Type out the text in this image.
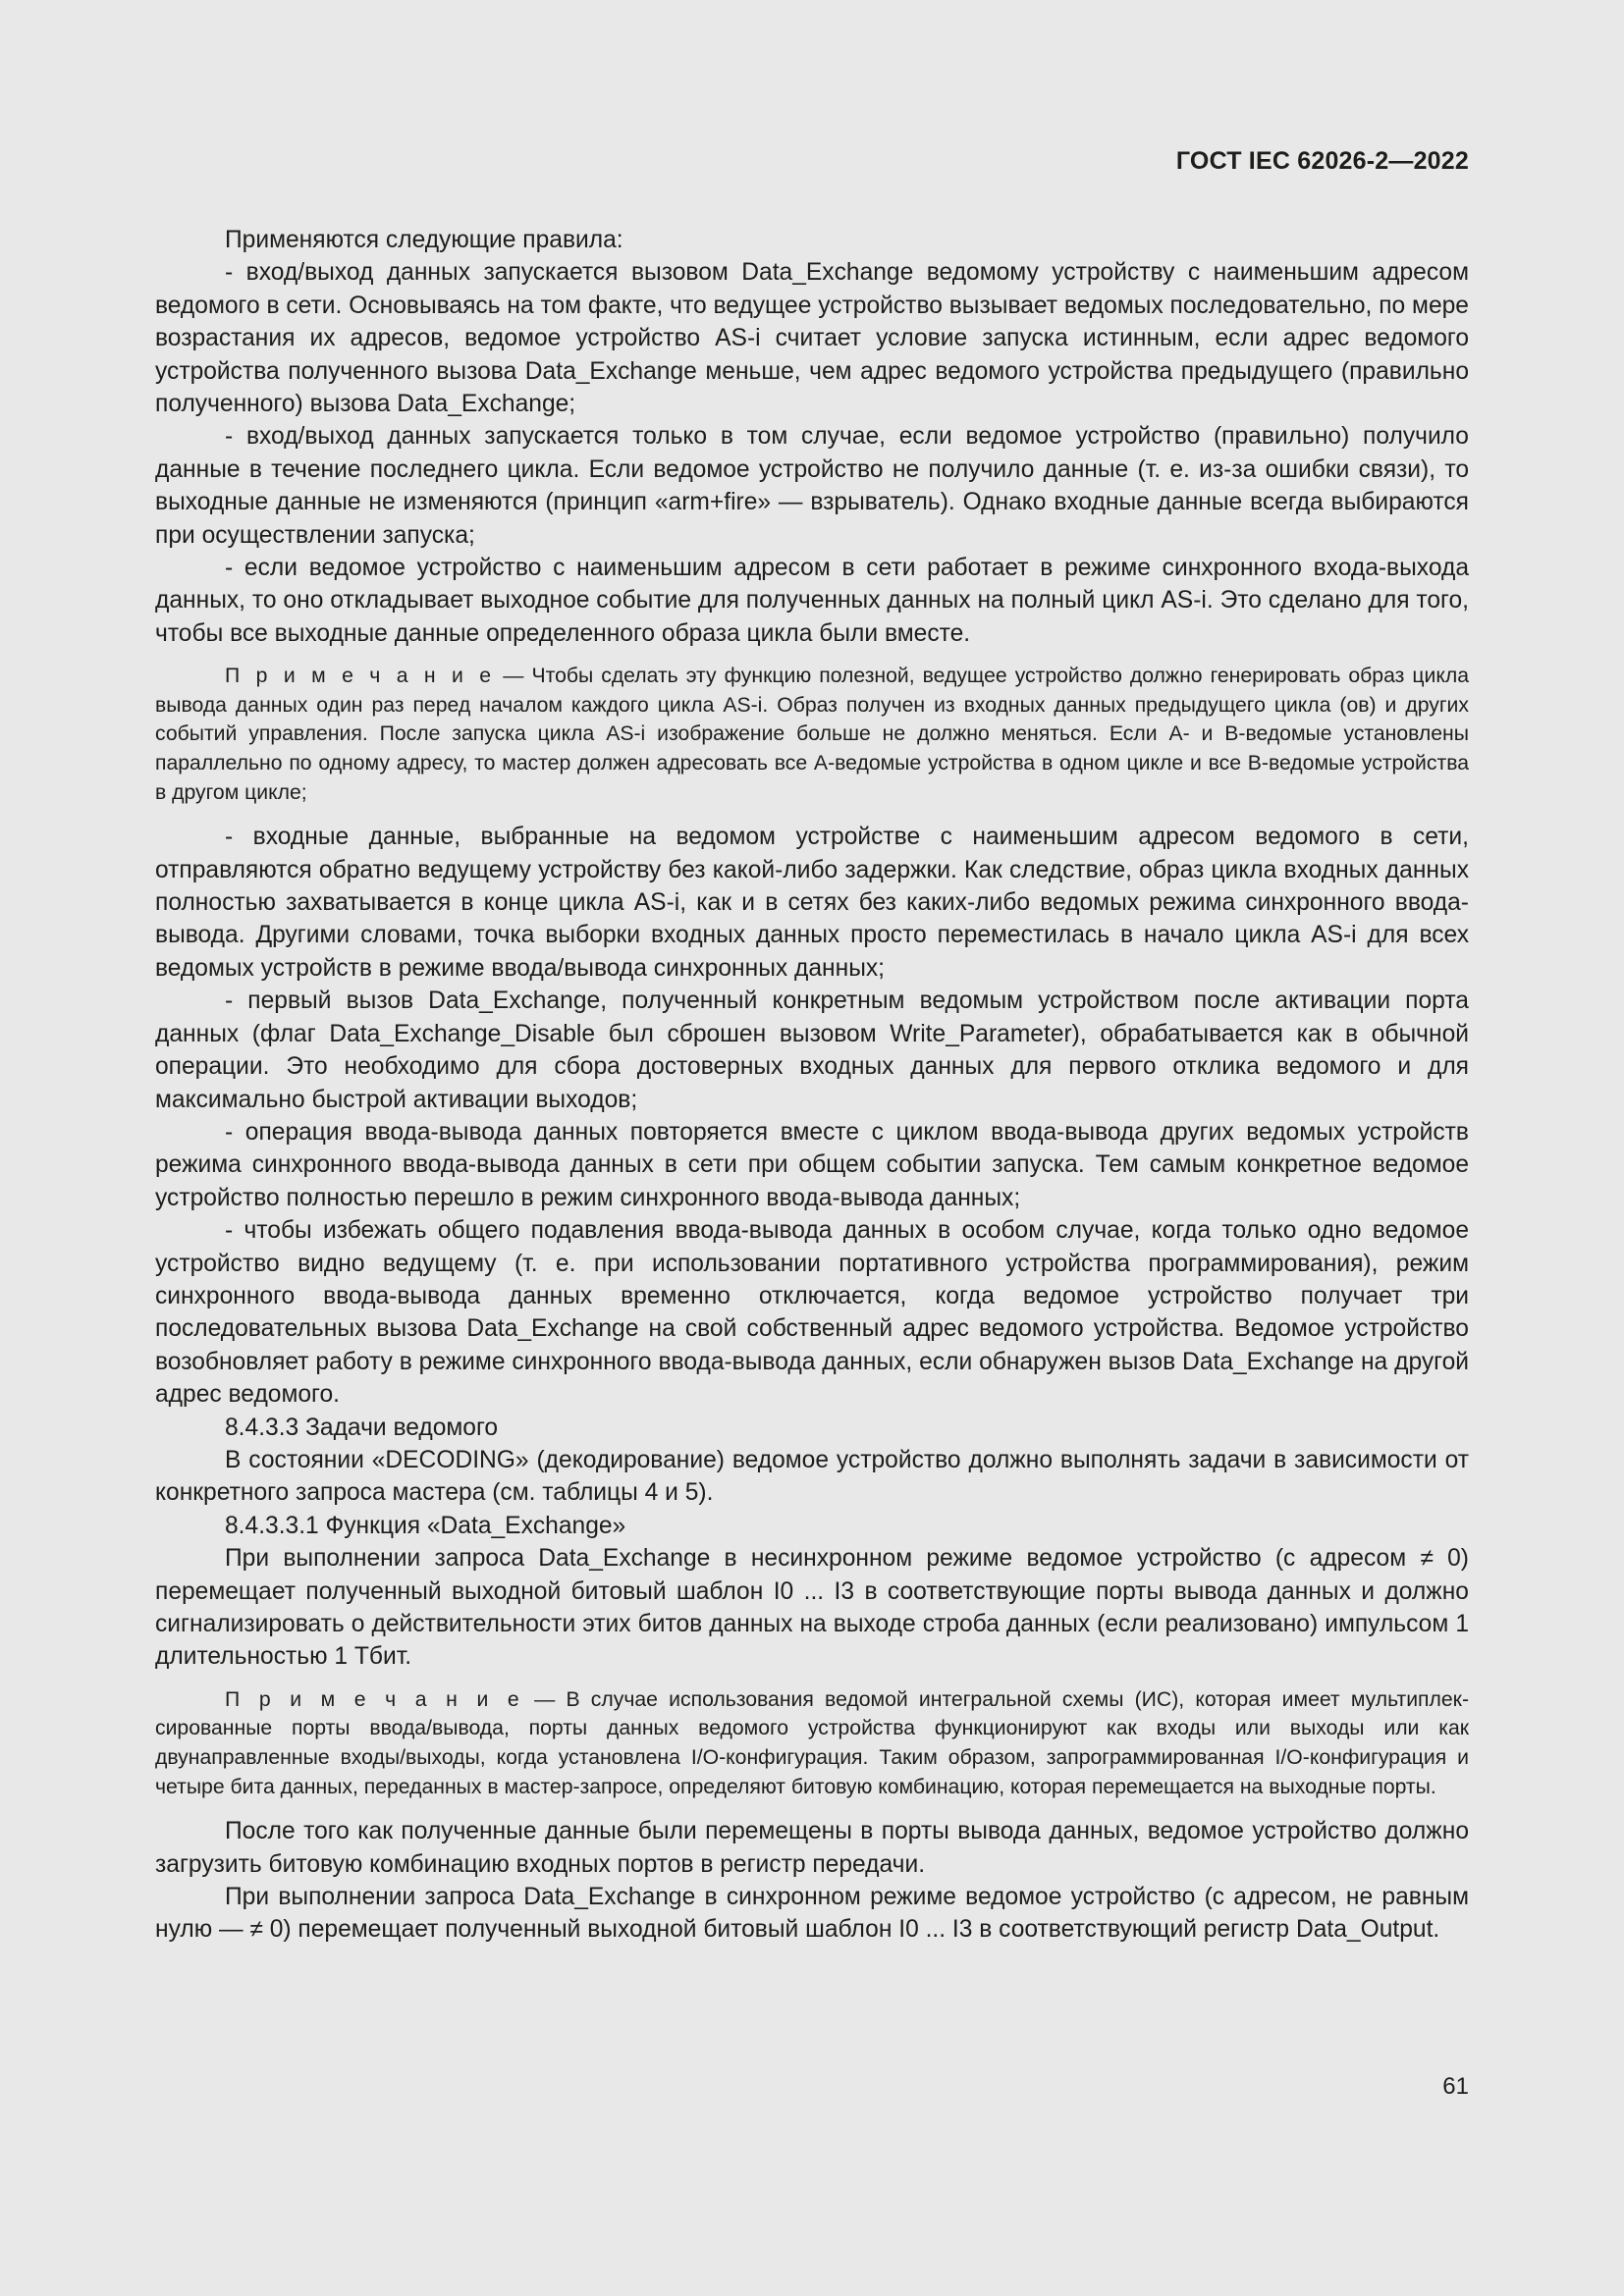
ГОСТ IEC 62026-2—2022

Применяются следующие правила:

- вход/выход данных запускается вызовом Data_Exchange ведомому устройству с наименьшим адресом ведомого в сети. Основываясь на том факте, что ведущее устройство вызывает ведомых последовательно, по мере возрастания их адресов, ведомое устройство AS-i считает условие запуска истинным, если адрес ведомого устройства полученного вызова Data_Exchange меньше, чем адрес ведомого устройства предыдущего (правильно полученного) вызова Data_Exchange;

- вход/выход данных запускается только в том случае, если ведомое устройство (правильно) получило данные в течение последнего цикла. Если ведомое устройство не получило данные (т. е. из-за ошибки связи), то выходные данные не изменяются (принцип «arm+fire» — взрыватель). Однако входные данные всегда выбираются при осуществлении запуска;

- если ведомое устройство с наименьшим адресом в сети работает в режиме синхронного входа-выхода данных, то оно откладывает выходное событие для полученных данных на полный цикл AS-i. Это сделано для того, чтобы все выходные данные определенного образа цикла были вместе.

П р и м е ч а н и е — Чтобы сделать эту функцию полезной, ведущее устройство должно генерировать образ цикла вывода данных один раз перед началом каждого цикла AS-i. Образ получен из входных данных предыдущего цикла (ов) и других событий управления. После запуска цикла AS-i изображение больше не должно меняться. Если A- и B-ведомые установлены параллельно по одному адресу, то мастер должен адресовать все A-ведомые устройства в одном цикле и все B-ведомые устройства в другом цикле;

- входные данные, выбранные на ведомом устройстве с наименьшим адресом ведомого в сети, отправляются обратно ведущему устройству без какой-либо задержки. Как следствие, образ цикла входных данных полностью захватывается в конце цикла AS-i, как и в сетях без каких-либо ведомых режима синхронного ввода-вывода. Другими словами, точка выборки входных данных просто переместилась в начало цикла AS-i для всех ведомых устройств в режиме ввода/вывода синхронных данных;

- первый вызов Data_Exchange, полученный конкретным ведомым устройством после активации порта данных (флаг Data_Exchange_Disable был сброшен вызовом Write_Parameter), обрабатывается как в обычной операции. Это необходимо для сбора достоверных входных данных для первого отклика ведомого и для максимально быстрой активации выходов;

- операция ввода-вывода данных повторяется вместе с циклом ввода-вывода других ведомых устройств режима синхронного ввода-вывода данных в сети при общем событии запуска. Тем самым конкретное ведомое устройство полностью перешло в режим синхронного ввода-вывода данных;

- чтобы избежать общего подавления ввода-вывода данных в особом случае, когда только одно ведомое устройство видно ведущему (т. е. при использовании портативного устройства программирования), режим синхронного ввода-вывода данных временно отключается, когда ведомое устройство получает три последовательных вызова Data_Exchange на свой собственный адрес ведомого устройства. Ведомое устройство возобновляет работу в режиме синхронного ввода-вывода данных, если обнаружен вызов Data_Exchange на другой адрес ведомого.

8.4.3.3 Задачи ведомого

В состоянии «DECODING» (декодирование) ведомое устройство должно выполнять задачи в зависимости от конкретного запроса мастера (см. таблицы 4 и 5).

8.4.3.3.1 Функция «Data_Exchange»

При выполнении запроса Data_Exchange в несинхронном режиме ведомое устройство (с адресом ≠ 0) перемещает полученный выходной битовый шаблон I0 ... I3 в соответствующие порты вывода данных и должно сигнализировать о действительности этих битов данных на выходе строба данных (если реализовано) импульсом 1 длительностью 1 Tбит.

П р и м е ч а н и е — В случае использования ведомой интегральной схемы (ИС), которая имеет мультиплексированные порты ввода/вывода, порты данных ведомого устройства функционируют как входы или выходы или как двунаправленные входы/выходы, когда установлена I/O-конфигурация. Таким образом, запрограммированная I/O-конфигурация и четыре бита данных, переданных в мастер-запросе, определяют битовую комбинацию, которая перемещается на выходные порты.

После того как полученные данные были перемещены в порты вывода данных, ведомое устройство должно загрузить битовую комбинацию входных портов в регистр передачи.

При выполнении запроса Data_Exchange в синхронном режиме ведомое устройство (с адресом, не равным нулю — ≠ 0) перемещает полученный выходной битовый шаблон I0 ... I3 в соответствующий регистр Data_Output.

61
